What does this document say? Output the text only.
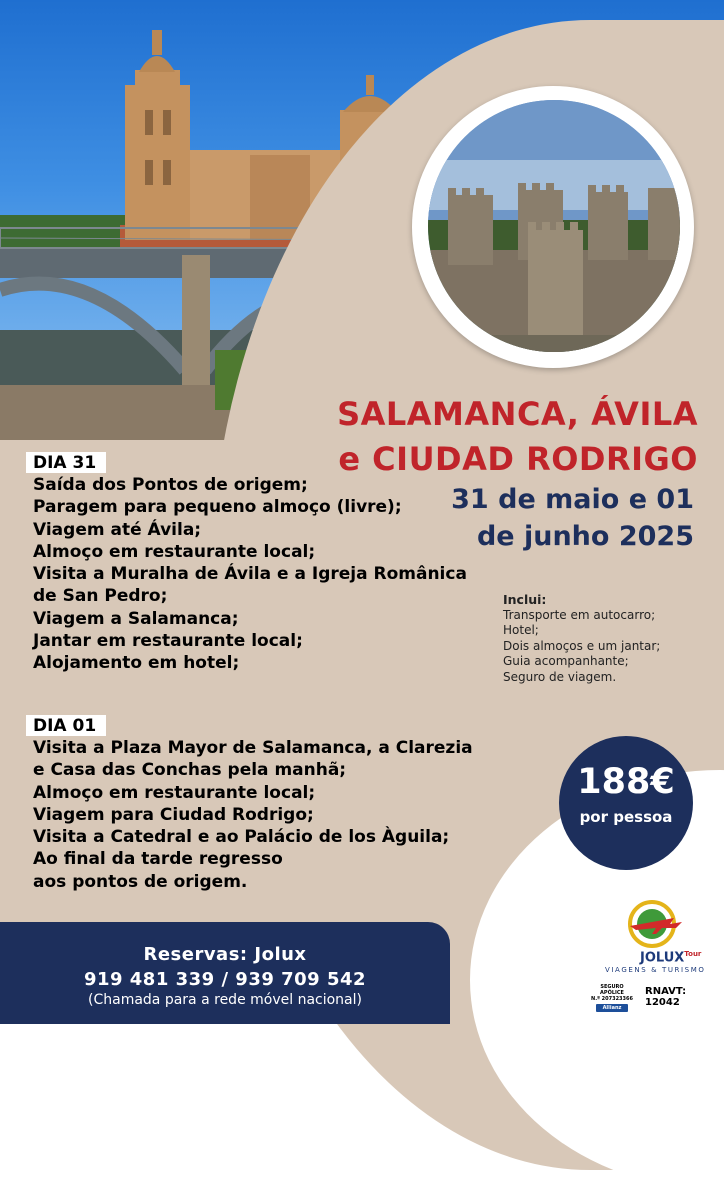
SALAMANCA, ÁVILA
e CIUDAD RODRIGO
31 de maio e 01
de junho 2025
DIA 31
Saída dos Pontos de origem;
Paragem para pequeno almoço (livre);
Viagem até Ávila;
Almoço em restaurante local;
Visita a Muralha de Ávila e a Igreja Românica
de San Pedro;
Viagem a Salamanca;
Jantar em restaurante local;
Alojamento em hotel;
DIA 01
Visita a Plaza Mayor de Salamanca, a Clarezia
e Casa das Conchas pela manhã;
Almoço em restaurante local;
Viagem para Ciudad Rodrigo;
Visita a Catedral e ao Palácio de los Àguila;
Ao final da tarde regresso
aos pontos de origem.
Inclui:
Transporte em autocarro;
Hotel;
Dois almoços e um jantar;
Guia acompanhante;
Seguro de viagem.
188€
por pessoa
Reservas: Jolux
919 481 339 / 939 709 542
(Chamada para a rede móvel nacional)
$JOLUX^{Tour}$
VIAGENS & TURISMO
SEGURO APÓLICE
N.º 207323366
Allianz
RNAVT: 12042
